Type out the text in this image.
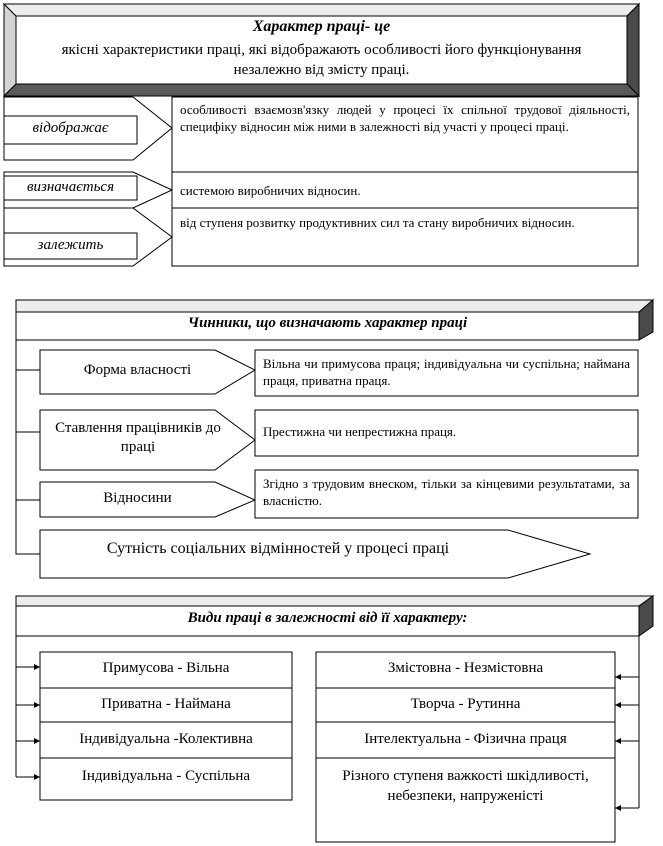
Характер праці- це
якісні характеристики праці, які відображають особливості його функціонування незалежно від змісту праці.
відображає
визначається
залежить
особливості взаємозв'язку людей у процесі їх спільної трудової діяльності, специфіку відносин між ними в залежності від участі у процесі праці.
системою виробничих відносин.
від ступеня розвитку продуктивних сил та стану виробничих відносин.
Чинники, що визначають характер праці
Форма власності
Ставлення працівників до праці
Відносини
Вільна чи примусова праця; індивідуальна чи суспільна; наймана праця, приватна праця.
Престижна чи непрестижна праця.
Згідно з трудовим внеском, тільки за кінцевими результатами, за власністю.
Сутність соціальних відмінностей у процесі праці
Види праці в залежності від її характеру:
Примусова - Вільна
Приватна - Наймана
Індивідуальна -Колективна
Індивідуальна - Суспільна
Змістовна - Незмістовна
Творча - Рутинна
Інтелектуальна - Фізична праця
Різного ступеня важкості шкідливості, небезпеки, напруженісті
